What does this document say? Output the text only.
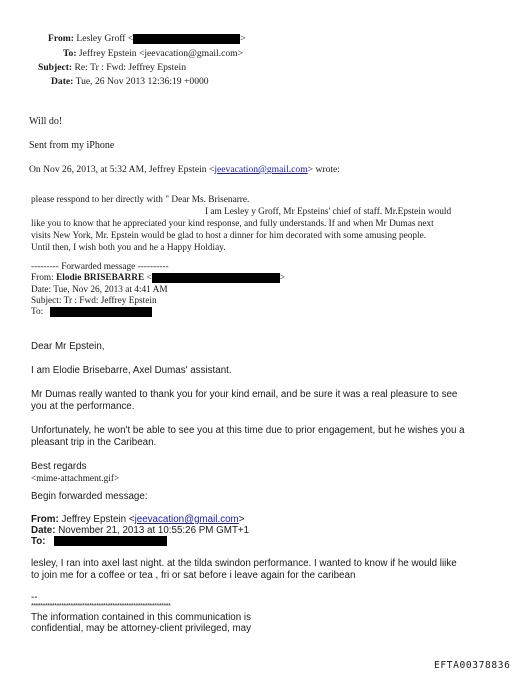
From: Lesley Groff <	>
To: Jeffrey Epstein <jeevacation@gmail.com>
Subject: Re: Tr : Fwd: Jeffrey Epstein
Date: Tue, 26 Nov 2013 12:36:19 +0000
Will do!
Sent from my iPhone
On Nov 26, 2013, at 5:32 AM, Jeffrey Epstein <jeevacation@gmail.com> wrote:
please resspond to her directly with " Dear Ms. Brisenarre.
I am Lesley y Groff, Mr Epsteins' chief of staff. Mr.Epstein would
like you to know that he appreciated your kind response, and fully understands. If and when Mr Dumas next
visits New York, Mr. Epstein would be glad to host a dinner for him decorated with some amusing people.
Until then, I wish both you and he a Happy Holdiay.
--------- Forwarded message ----------
From: Elodie BRISEBARRE <	>
Date: Tue, Nov 26, 2013 at 4:41 AM
Subject: Tr : Fwd: Jeffrey Epstein
To:
Dear Mr Epstein,
I am Elodie Brisebarre, Axel Dumas' assistant.
Mr Dumas really wanted to thank you for your kind email, and be sure it was a real pleasure to see
you at the performance.
Unfortunately, he won't be able to see you at this time due to prior engagement, but he wishes you a
pleasant trip in the Caribean.
Best regards
<mime-attachment.gif>
Begin forwarded message:
From: Jeffrey Epstein <jeevacation@gmail.com>
Date: November 21, 2013 at 10:55:26 PM GMT+1
To:
lesley, I ran into axel last night. at the tilda swindon performance. I wanted to know if he would liike
to join me for a coffee or tea , fri or sat before i leave again for the caribean
--
************************************************************
The information contained in this communication is
confidential, may be attorney-client privileged, may
EFTA00378836
